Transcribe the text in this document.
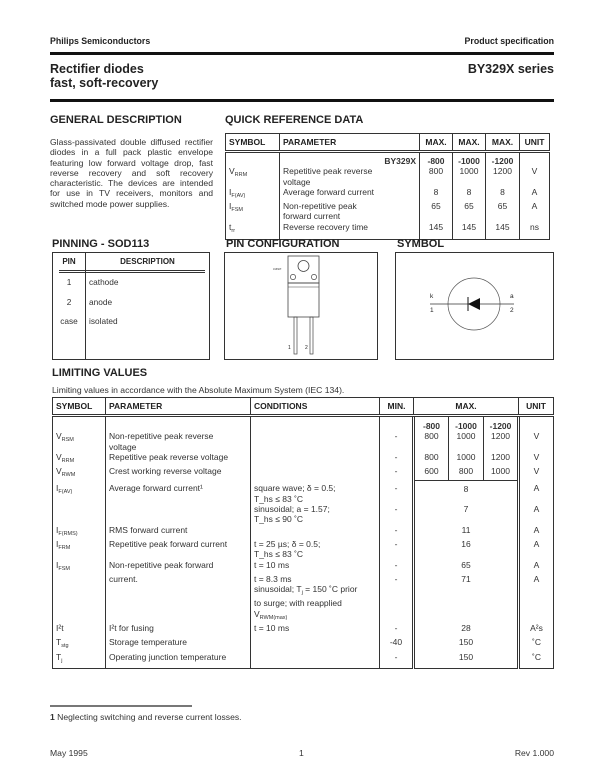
Philips Semiconductors	Product specification
Rectifier diodes
fast, soft-recovery
BY329X series
GENERAL DESCRIPTION
Glass-passivated double diffused rectifier diodes in a full pack plastic envelope featuring low forward voltage drop, fast reverse recovery and soft recovery characteristic. The devices are intended for use in TV receivers, monitors and switched mode power supplies.
QUICK REFERENCE DATA
SYMBOL	PARAMETER	MAX.	MAX.	MAX.	UNIT
	BY329X	-800	-1000	-1200	
$V_{RRM}$	Repetitive peak reverse
voltage	800	1000	1200	V
$I_{F(AV)}$	Average forward current	8	8	8	A
$I_{FSM}$	Non-repetitive peak
forward current	65	65	65	A
$t_{rr}$	Reverse recovery time	145	145	145	ns
PINNING - SOD113
PIN	DESCRIPTION
1	cathode
2	anode
case	isolated
PIN CONFIGURATION
case
1	2
SYMBOL
k
1
a
2
LIMITING VALUES
Limiting values in accordance with the Absolute Maximum System (IEC 134).
SYMBOL	PARAMETER	CONDITIONS	MIN.	MAX.			UNIT
				-800	-1000	-1200	
$V_{RSM}$	Non-repetitive peak reverse
voltage		-	800	1000	1200	V
$V_{RRM}$	Repetitive peak reverse voltage		-	800	1000	1200	V
$V_{RWM}$	Crest working reverse voltage		-	600	800	1000	V
$I_{F(AV)}$	Average forward current¹	square wave; δ = 0.5;
T_hs ≤ 83 ˚C	-	8			A

		sinusoidal; a = 1.57;
T_hs ≤ 90 ˚C	-	7			A
$I_{F(RMS)}$	RMS forward current		-	11			A
$I_{FRM}$	Repetitive peak forward current	t = 25 µs; δ = 0.5;
T_hs ≤ 83 ˚C	-	16			A
$I_{FSM}$	Non-repetitive peak forward	t = 10 ms	-	65			A

	current.	t = 8.3 ms
sinusoidal; $T_j = 150$ ˚C prior
to surge; with reapplied
$V_{RWM(max)}$	-	71			A
I²t	I²t for fusing	t = 10 ms	-	28			A²s
$T_{stg}$	Storage temperature		-40	150			˚C
$T_j$	Operating junction temperature		-	150			˚C
1 Neglecting switching and reverse current losses.
May 1995	1	Rev 1.000
